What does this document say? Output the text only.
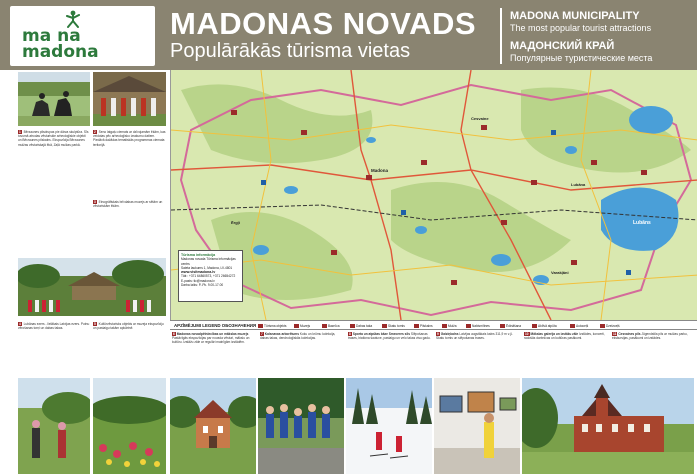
ma na
madona
MADONAS NOVADS
Populārākās tūrisma vietas
MADONA MUNICIPALITY
The most popular tourist attractions
МАДОНСКИЙ КРАЙ
Популярные туристические места
1 Bērzaunes pilsdrupas pie dārza skulptūra. Sīs tuvumā atrodas vēsturiskie arheoloģiskie objekti un Bērzaunes pilskalns. Ekspozīcija Bērzaunes muižas vēsturiskajā ēkā, Zaļā muižas parkā.
2 Seno latgaļu ciemats ar dzīvojamām ēkām, kas veidotas pēc arheoloģisko izrakumu datiem. Piedāvā dažādas tematiskās programmas ciemata teritorijā.
3 Etnogrāfiskais brīvdabas muzejs ar sētām un vēsturiskām ēkām.
4 Lubānas ezers - lielākais Latvijas ezers. Putnu vērošanas torņi un dabas takas.
5 Kultūrvēsturisks objekts ar muzeja ekspozīciju un pastaigu takām apkārtnē.
Lubāns
Madona
Lubāna
Cesvaine
Ērgļi
Varakļāni
Tūrisma informācija
Madonas novada Tūrisma informācijas centrs
Saieta laukums 1, Madona, LV-4801
www.visitmadona.lv
Tālr.: +371 64860573, +371 26654272
E-pasts: tic@madona.lv
Darba laiks: P.-Pk. 9.00-17.00
APZĪMĒJUMI LEGEND ОБОЗНАЧЕНИЯ	Tūrisma objekts	Muzejs	Baznīca	Dabas taka	Skatu tornis	Pilskalns	Muiža	Naktsmītnes	Ēdināšana	Aktīvā atpūta	Autoceļš	Dzelzceļš
6 Madonas novadpētniecības un mākslas muzejs Pastāvīgās ekspozīcijas par novada vēsturi, mākslu un kultūru. Izstāžu zāle ar regulāri mainīgām izstādēm.
7 Kalsnavas arborētums Koku un krūmu kolekcija, dabas takas, dendroloģiskās kolekcijas.
8 Sporta un atpūtas bāze Smeceres sils Slēpošanas trases, biatlona šautuve, pastaigu un velo takas visu gadu.
9 Gaiziņkalns Latvijas augstākais kalns 311,9 m v.j.l. Skatu tornis un slēpošanas trases.
10 Mākslas galerija un izstāžu zāle Izstādes, koncerti, radošās darbnīcas un kultūras pasākumi.
11 Cesvaines pils Jūgendstila pils ar muižas parku, ekskursijas, pasākumi un izstādes.
